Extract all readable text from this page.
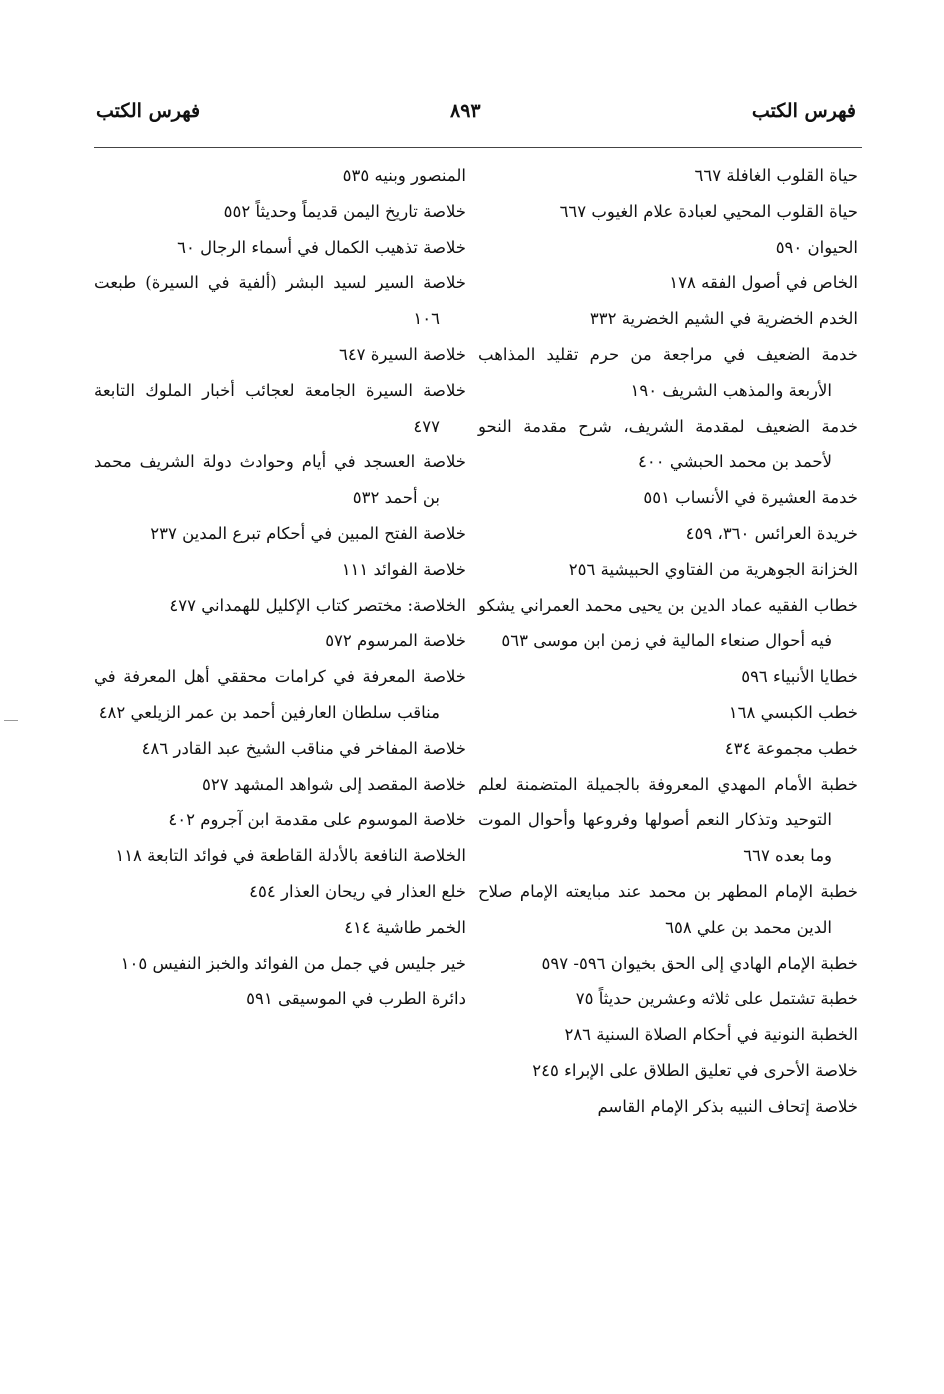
فهرس الكتب
٨٩٣
فهرس الكتب
حياة القلوب الغافلة ٦٦٧
حياة القلوب المحيي لعبادة علام الغيوب ٦٦٧
الحيوان ٥٩٠
الخاص في أصول الفقه ١٧٨
الخدم الخضرية في الشيم الخضرية ٣٣٢
خدمة الضعيف في مراجعة من حرم تقليد المذاهب الأربعة والمذهب الشريف ١٩٠
خدمة الضعيف لمقدمة الشريف، شرح مقدمة النحو لأحمد بن محمد الحبشي ٤٠٠
خدمة العشيرة في الأنساب ٥٥١
خريدة العرائس ٣٦٠، ٤٥٩
الخزانة الجوهرية من الفتاوي الحبيشية ٢٥٦
خطاب الفقيه عماد الدين بن يحيى محمد العمراني يشكو فيه أحوال صنعاء المالية في زمن ابن موسى ٥٦٣
خطايا الأنبياء ٥٩٦
خطب الكبسي ١٦٨
خطب مجموعة ٤٣٤
خطبة الأمام المهدي المعروفة بالجميلة المتضمنة لعلم التوحيد وتذكار النعم أصولها وفروعها وأحوال الموت وما بعده ٦٦٧
خطبة الإمام المطهر بن محمد عند مبايعته الإمام صلاح الدين محمد بن علي ٦٥٨
خطبة الإمام الهادي إلى الحق بخيوان ٥٩٦- ٥٩٧
خطبة تشتمل على ثلاثه وعشرين حديثاً ٧٥
الخطبة النونية في أحكام الصلاة السنية ٢٨٦
خلاصة الأحرى في تعليق الطلاق على الإبراء ٢٤٥
خلاصة إتحاف النبيه بذكر الإمام القاسم
المنصور وبنيه ٥٣٥
خلاصة تاريخ اليمن قديماً وحديثاً ٥٥٢
خلاصة تذهيب الكمال في أسماء الرجال ٦٠
خلاصة السير لسيد البشر (ألفية في السيرة) طبعت ١٠٦
خلاصة السيرة ٦٤٧
خلاصة السيرة الجامعة لعجائب أخبار الملوك التابعة ٤٧٧
خلاصة العسجد في أيام وحوادث دولة الشريف محمد بن أحمد ٥٣٢
خلاصة الفتح المبين في أحكام تبرع المدين ٢٣٧
خلاصة الفوائد ١١١
الخلاصة: مختصر كتاب الإكليل للهمداني ٤٧٧
خلاصة المرسوم ٥٧٢
خلاصة المعرفة في كرامات محققي أهل المعرفة في مناقب سلطان العارفين أحمد بن عمر الزيلعي ٤٨٢
خلاصة المفاخر في مناقب الشيخ عبد القادر ٤٨٦
خلاصة المقصد إلى شواهد المشهد ٥٢٧
خلاصة الموسوم على مقدمة ابن آجروم ٤٠٢
الخلاصة النافعة بالأدلة القاطعة في فوائد التابعة ١١٨
خلع العذار في ريحان العذار ٤٥٤
الخمر طاشية ٤١٤
خير جليس في جمل من الفوائد والخبز النفيس ١٠٥
دائرة الطرب في الموسيقى ٥٩١
